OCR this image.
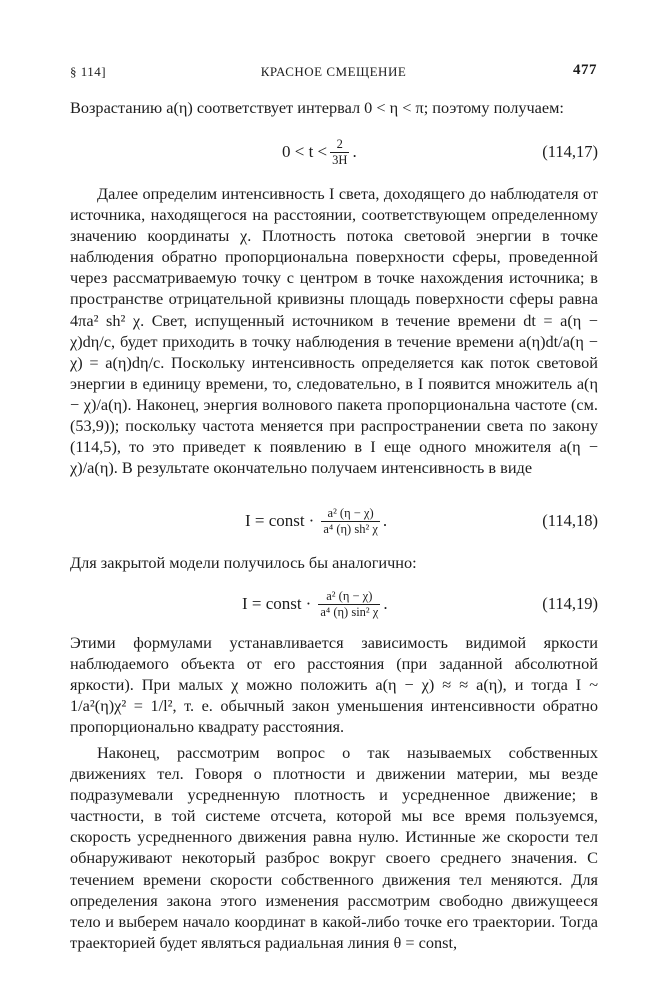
§ 114]	КРАСНОЕ СМЕЩЕНИЕ	477

Возрастанию a(η) соответствует интервал 0 < η < π; поэтому получаем:

$0 < t < \frac{2}{3H}$ .	(114,17)

Далее определим интенсивность I света, доходящего до наблюдателя от источника, находящегося на расстоянии, соответствующем определенному значению координаты χ. Плотность потока световой энергии в точке наблюдения обратно пропорциональна поверхности сферы, проведенной через рассматриваемую точку с центром в точке нахождения источника; в пространстве отрицательной кривизны площадь поверхности сферы равна 4πa² sh² χ. Свет, испущенный источником в течение времени dt = a(η − χ)dη/c, будет приходить в точку наблюдения в течение времени a(η)dt/a(η − χ) = a(η)dη/c. Поскольку интенсивность определяется как поток световой энергии в единицу времени, то, следовательно, в I появится множитель a(η − χ)/a(η). Наконец, энергия волнового пакета пропорциональна частоте (см. (53,9)); поскольку частота меняется при распространении света по закону (114,5), то это приведет к появлению в I еще одного множителя a(η − χ)/a(η). В результате окончательно получаем интенсивность в виде

I = const · $\frac{\text{a² (η − χ)}}{\text{a⁴ (η) sh² χ}}$ .	(114,18)

Для закрытой модели получилось бы аналогично:

I = const · $\frac{\text{a² (η − χ)}}{\text{a⁴ (η) sin² χ}}$ .	(114,19)

Этими формулами устанавливается зависимость видимой яркости наблюдаемого объекта от его расстояния (при заданной абсолютной яркости). При малых χ можно положить a(η − χ) ≈ ≈ a(η), и тогда I ~ 1/a²(η)χ² = 1/l², т. е. обычный закон уменьшения интенсивности обратно пропорционально квадрату расстояния.

Наконец, рассмотрим вопрос о так называемых собственных движениях тел. Говоря о плотности и движении материи, мы везде подразумевали усредненную плотность и усредненное движение; в частности, в той системе отсчета, которой мы все время пользуемся, скорость усредненного движения равна нулю. Истинные же скорости тел обнаруживают некоторый разброс вокруг своего среднего значения. С течением времени скорости собственного движения тел меняются. Для определения закона этого изменения рассмотрим свободно движущееся тело и выберем начало координат в какой-либо точке его траектории. Тогда траекторией будет являться радиальная линия θ = const,
